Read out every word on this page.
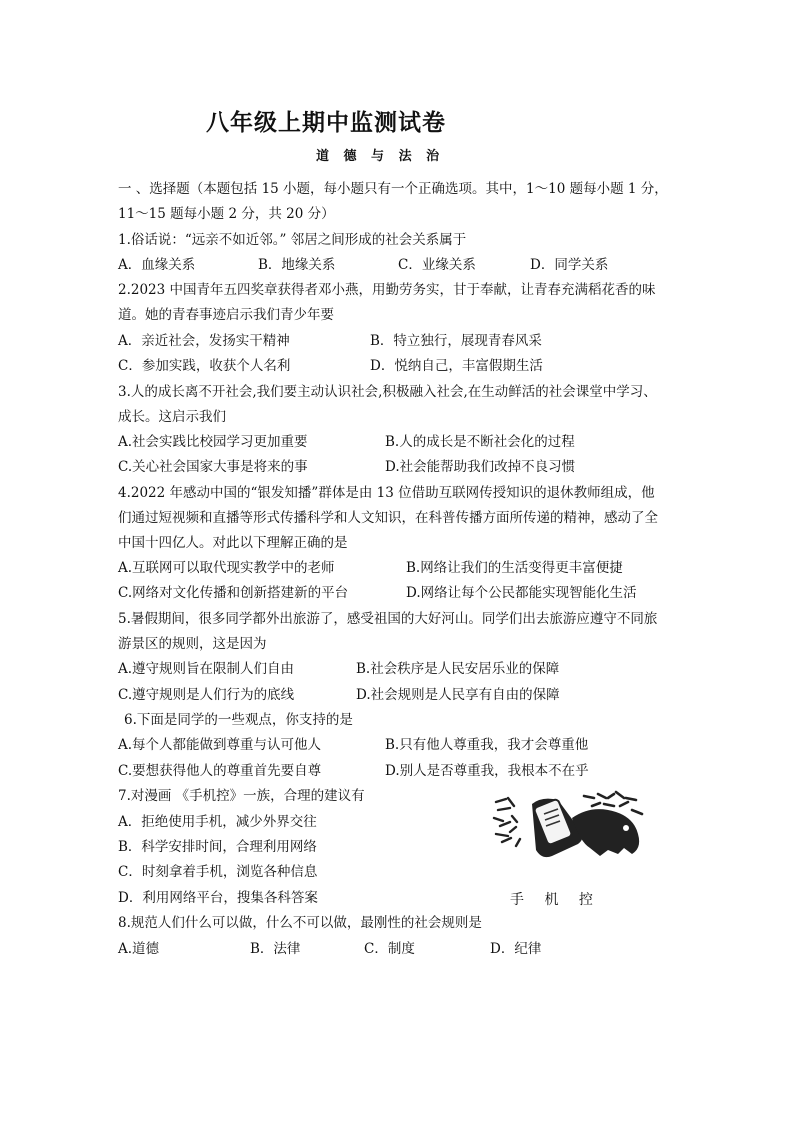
八年级上期中监测试卷
道 德 与 法 治

一 、选择题（本题包括 15 小题，每小题只有一个正确选项。其中，1～10 题每小题 1 分，

11～15 题每小题 2 分，共 20 分）

1.俗话说：“远亲不如近邻。” 邻居之间形成的社会关系属于

A．血缘关系	B．地缘关系	C．业缘关系	D．同学关系

2.2023 中国青年五四奖章获得者邓小燕，用勤劳务实，甘于奉献，让青春充满稻花香的味

道。她的青春事迹启示我们青少年要

A．亲近社会，发扬实干精神	B．特立独行，展现青春风采
C．参加实践，收获个人名利	D．悦纳自己，丰富假期生活

3.人的成长离不开社会,我们要主动认识社会,积极融入社会,在生动鲜活的社会课堂中学习、

成长。这启示我们

A.社会实践比校园学习更加重要	B.人的成长是不断社会化的过程
C.关心社会国家大事是将来的事	D.社会能帮助我们改掉不良习惯

4.2022 年感动中国的“银发知播”群体是由 13 位借助互联网传授知识的退休教师组成，他

们通过短视频和直播等形式传播科学和人文知识，在科普传播方面所传递的精神，感动了全

中国十四亿人。对此以下理解正确的是

A.互联网可以取代现实教学中的老师	B.网络让我们的生活变得更丰富便捷
C.网络对文化传播和创新搭建新的平台	D.网络让每个公民都能实现智能化生活

5.暑假期间，很多同学都外出旅游了，感受祖国的大好河山。同学们出去旅游应遵守不同旅

游景区的规则，这是因为

A.遵守规则旨在限制人们自由	B.社会秩序是人民安居乐业的保障
C.遵守规则是人们行为的底线	D.社会规则是人民享有自由的保障

6.下面是同学的一些观点，你支持的是

A.每个人都能做到尊重与认可他人	B.只有他人尊重我，我才会尊重他
C.要想获得他人的尊重首先要自尊	D.别人是否尊重我，我根本不在乎

7.对漫画 《手机控》一族，合理的建议有

A．拒绝使用手机，减少外界交往
B．科学安排时间，合理利用网络
C．时刻拿着手机，浏览各种信息
D．利用网络平台，搜集各科答案	手 机 控

8.规范人们什么可以做，什么不可以做，最刚性的社会规则是

A.道德	B．法律	C．制度	D．纪律
